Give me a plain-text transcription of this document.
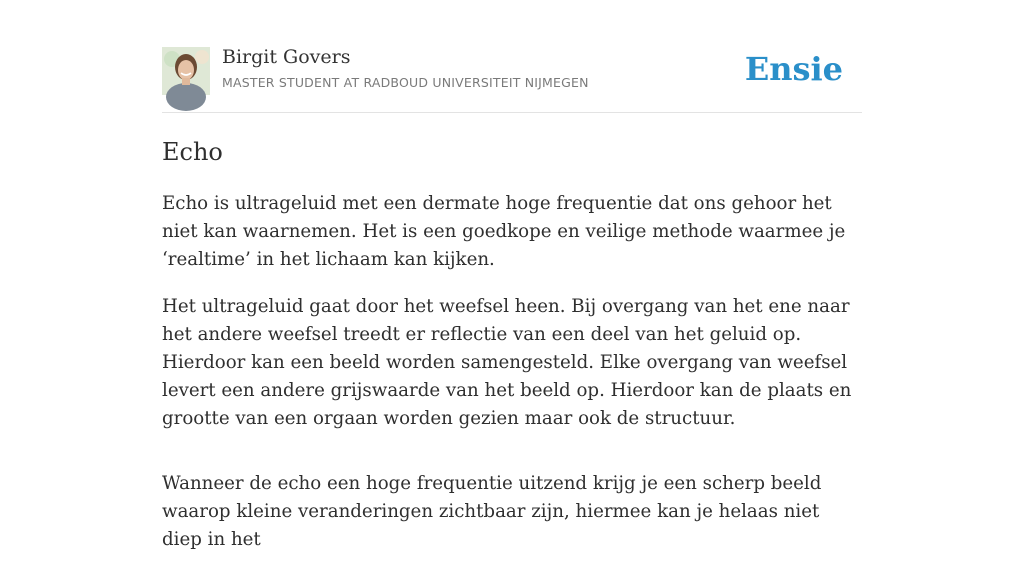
Birgit Govers
MASTER STUDENT AT RADBOUD UNIVERSITEIT NIJMEGEN	Ensie
Echo

Echo is ultrageluid met een dermate hoge frequentie dat ons gehoor het niet kan waarnemen. Het is een goedkope en veilige methode waarmee je ‘realtime’ in het lichaam kan kijken.

Het ultrageluid gaat door het weefsel heen. Bij overgang van het ene naar het andere weefsel treedt er reflectie van een deel van het geluid op. Hierdoor kan een beeld worden samengesteld. Elke overgang van weefsel levert een andere grijswaarde van het beeld op. Hierdoor kan de plaats en grootte van een orgaan worden gezien maar ook de structuur.

Wanneer de echo een hoge frequentie uitzend krijg je een scherp beeld waarop kleine veranderingen zichtbaar zijn, hiermee kan je helaas niet diep in het
